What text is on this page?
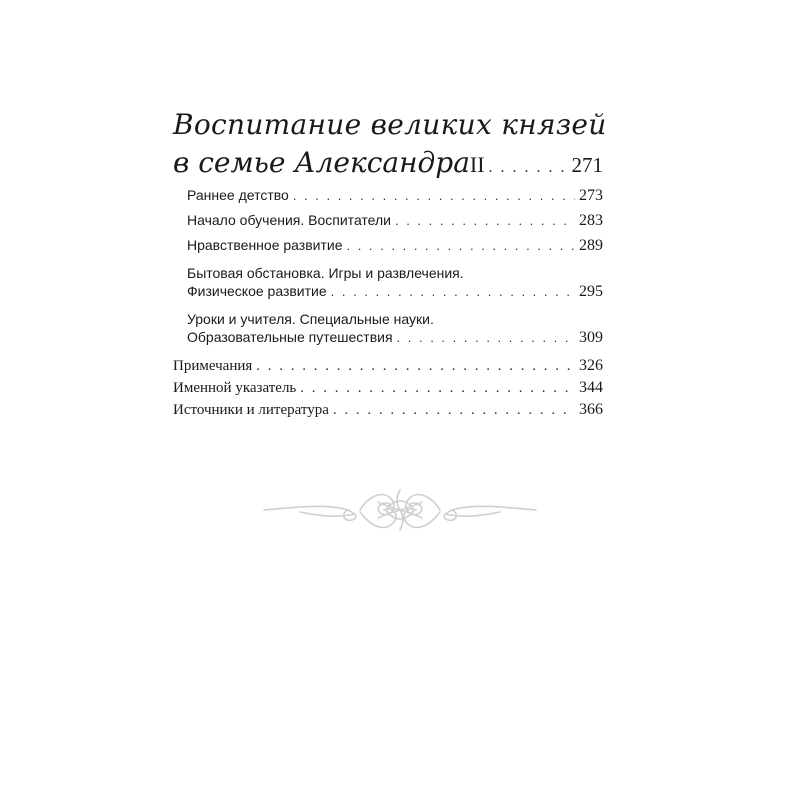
Воспитание великих князей
в семье Александра II . . .	271
Раннее детство . . .	273
Начало обучения. Воспитатели . . .	283
Нравственное развитие . . .	289
Бытовая обстановка. Игры и развлечения.
Физическое развитие . . .	295
Уроки и учителя. Специальные науки.
Образовательные путешествия . . .	309
Примечания . . .	326
Именной указатель . . .	344
Источники и литература . . .	366
